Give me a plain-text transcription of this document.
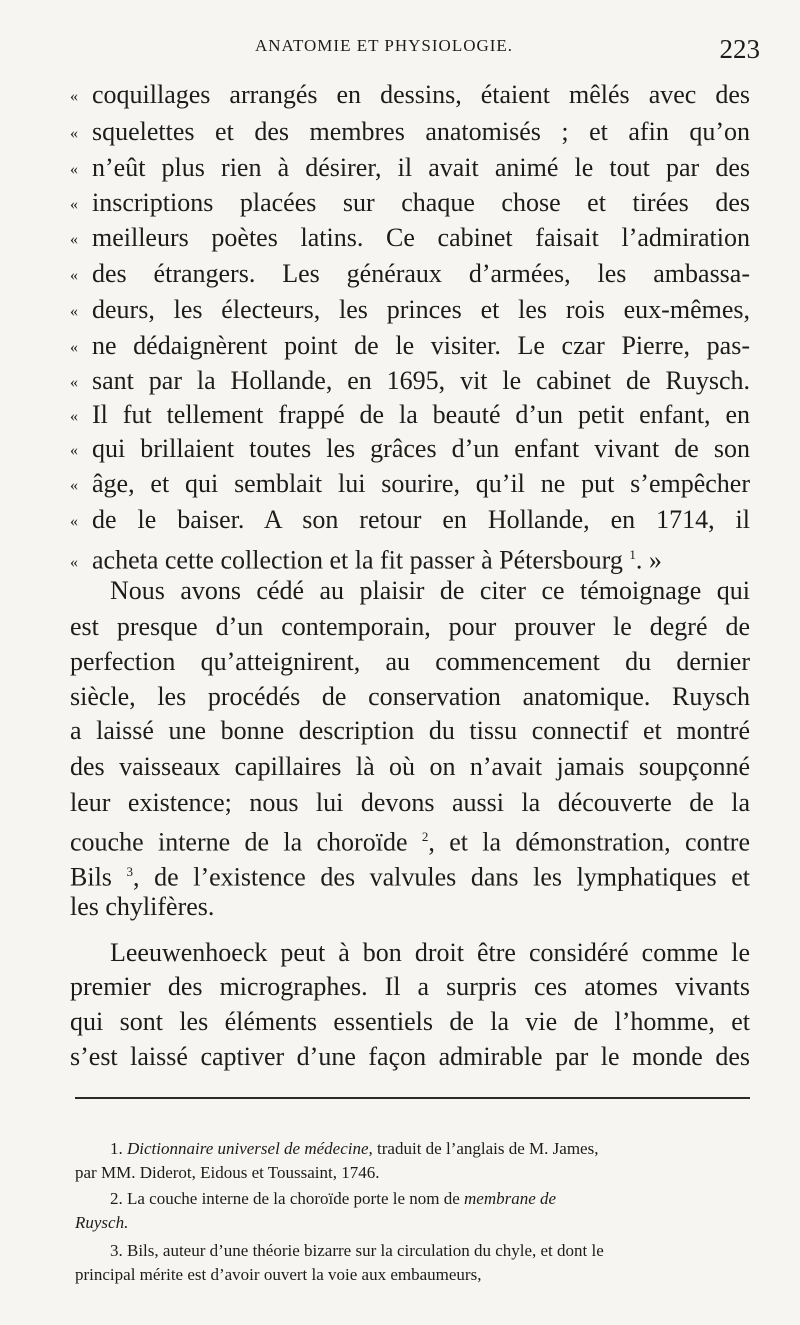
ANATOMIE ET PHYSIOLOGIE.	223
« coquillages arrangés en dessins, étaient mêlés avec des
« squelettes et des membres anatomisés ; et afin qu’on
« n’eût plus rien à désirer, il avait animé le tout par des
« inscriptions placées sur chaque chose et tirées des
« meilleurs poètes latins. Ce cabinet faisait l’admiration
« des étrangers. Les généraux d’armées, les ambassa-
« deurs, les électeurs, les princes et les rois eux-mêmes,
« ne dédaignèrent point de le visiter. Le czar Pierre, pas-
« sant par la Hollande, en 1695, vit le cabinet de Ruysch.
« Il fut tellement frappé de la beauté d’un petit enfant, en
« qui brillaient toutes les grâces d’un enfant vivant de son
« âge, et qui semblait lui sourire, qu’il ne put s’empêcher
« de le baiser. A son retour en Hollande, en 1714, il
« acheta cette collection et la fit passer à Pétersbourg $^1$. »
Nous avons cédé au plaisir de citer ce témoignage qui
est presque d’un contemporain, pour prouver le degré de
perfection qu’atteignirent, au commencement du dernier
siècle, les procédés de conservation anatomique. Ruysch
a laissé une bonne description du tissu connectif et montré
des vaisseaux capillaires là où on n’avait jamais soupçonné
leur existence; nous lui devons aussi la découverte de la
couche interne de la choroïde $^2$, et la démonstration, contre
Bils $^3$, de l’existence des valvules dans les lymphatiques et
les chylifères.
Leeuwenhoeck peut à bon droit être considéré comme le
premier des micrographes. Il a surpris ces atomes vivants
qui sont les éléments essentiels de la vie de l’homme, et
s’est laissé captiver d’une façon admirable par le monde des
1. Dictionnaire universel de médecine, traduit de l’anglais de M. James,
par MM. Diderot, Eidous et Toussaint, 1746.
2. La couche interne de la choroïde porte le nom de membrane de
Ruysch.
3. Bils, auteur d’une théorie bizarre sur la circulation du chyle, et dont le
principal mérite est d’avoir ouvert la voie aux embaumeurs,
